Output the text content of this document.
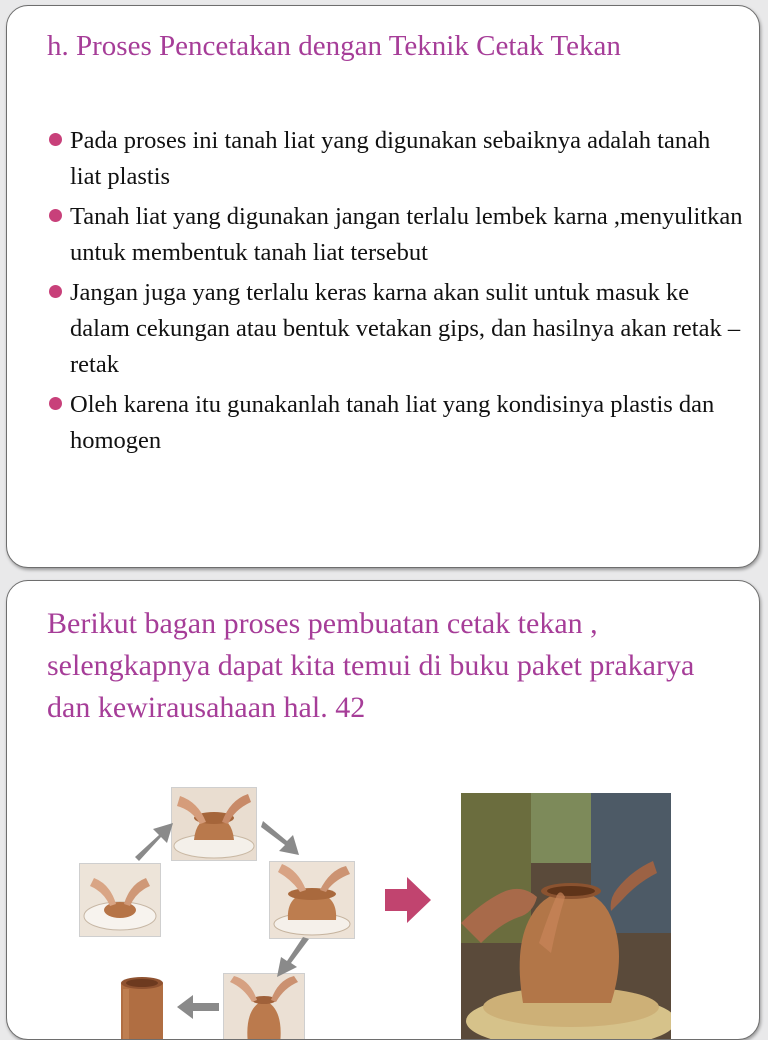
h. Proses Pencetakan dengan Teknik Cetak Tekan
Pada proses ini tanah liat yang digunakan sebaiknya adalah tanah liat plastis
Tanah liat yang digunakan jangan terlalu lembek karna ,menyulitkan untuk membentuk tanah liat tersebut
Jangan juga yang terlalu keras karna akan sulit untuk masuk ke dalam cekungan atau bentuk vetakan gips, dan hasilnya akan retak – retak
Oleh karena itu gunakanlah tanah liat yang kondisinya plastis dan homogen
Berikut bagan proses pembuatan cetak tekan , selengkapnya dapat kita temui di buku paket prakarya dan kewirausahaan hal. 42
